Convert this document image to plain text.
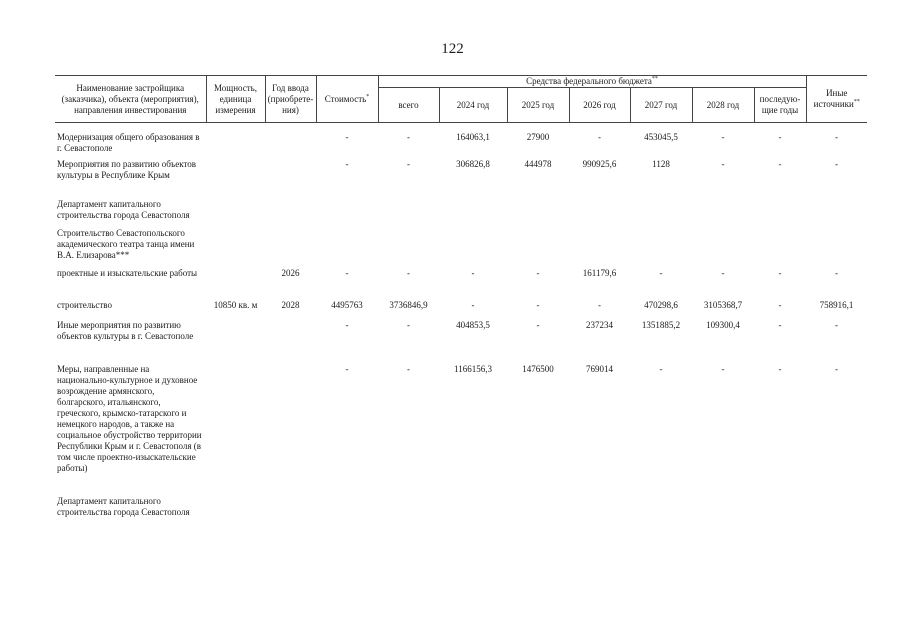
122
Наименование застройщика (заказчика), объекта (мероприятия), направления инвестирования	Мощность, единица измерения	Год ввода (приобрете-ния)	Стоимость*	Средства федерального бюджета**							Иные источники**
				всего	2024 год	2025 год	2026 год	2027 год	2028 год	последую-щие годы	

Модернизация общего образования в г. Севастополе			-	-	164063,1	27900	-	453045,5	-	-	-
Мероприятия по развитию объектов культуры в Республике Крым			-	-	306826,8	444978	990925,6	1128	-	-	-
Департамент капитального строительства города Севастополя											
Строительство Севастопольского академического театра танца имени В.А. Елизарова***											
проектные и изыскательские работы		2026	-	-	-	-	161179,6	-	-	-	-
строительство	10850 кв. м	2028	4495763	3736846,9	-	-	-	470298,6	3105368,7	-	758916,1
Иные мероприятия по развитию объектов культуры в г. Севастополе			-	-	404853,5	-	237234	1351885,2	109300,4	-	-
Меры, направленные на национально-культурное и духовное возрождение армянского, болгарского, итальянского, греческого, крымско-татарского и немецкого народов, а также на социальное обустройство территории Республики Крым и г. Севастополя (в том числе проектно-изыскательские работы)			-	-	1166156,3	1476500	769014	-	-	-	-
Департамент капитального строительства города Севастополя											
